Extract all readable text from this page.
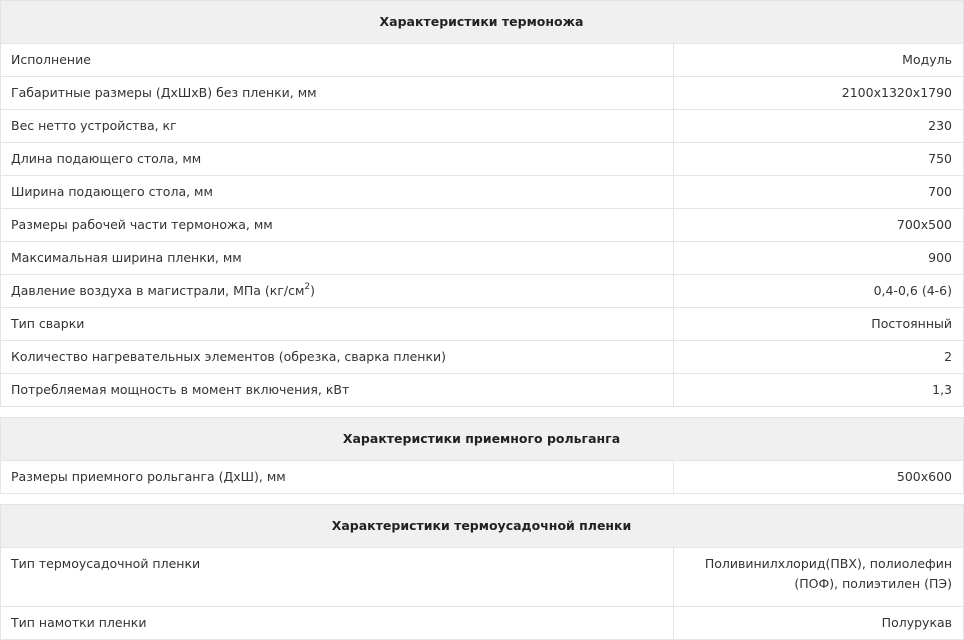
Характеристики термоножа	
Исполнение	Модуль
Габаритные размеры (ДхШхВ) без пленки, мм	2100x1320x1790
Вес нетто устройства, кг	230
Длина подающего стола, мм	750
Ширина подающего стола, мм	700
Размеры рабочей части термоножа, мм	700x500
Максимальная ширина пленки, мм	900
Давление воздуха в магистрали, МПа $(кг/см^2)$	0,4-0,6 (4-6)
Тип сварки	Постоянный
Количество нагревательных элементов (обрезка, сварка пленки)	2
Потребляемая мощность в момент включения, кВт	1,3

Характеристики приемного рольганга	
Размеры приемного рольганга (ДхШ), мм	500x600

Характеристики термоусадочной пленки	
Тип термоусадочной пленки	Поливинилхлорид(ПВХ), полиолефин
(ПОФ), полиэтилен (ПЭ)
Тип намотки пленки	Полурукав
